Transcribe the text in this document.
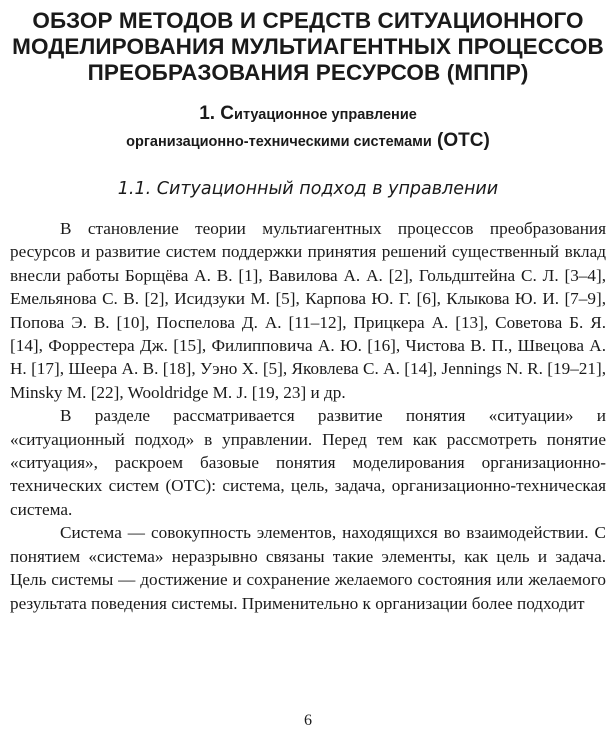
ОБЗОР МЕТОДОВ И СРЕДСТВ СИТУАЦИОННОГО
МОДЕЛИРОВАНИЯ МУЛЬТИАГЕНТНЫХ ПРОЦЕССОВ
ПРЕОБРАЗОВАНИЯ РЕСУРСОВ (МППР)
1. Ситуационное управление
организационно-техническими системами (ОТС)
1.1. Ситуационный подход в управлении

В становление теории мультиагентных процессов преобразования ресурсов и развитие систем поддержки принятия решений существенный вклад внесли работы Борщёва А. В. [1], Вавилова А. А. [2], Гольдштейна С. Л. [3–4], Емельянова С. В. [2], Исидзуки М. [5], Карпова Ю. Г. [6], Клыкова Ю. И. [7–9], Попова Э. В. [10], Поспелова Д. А. [11–12], Прицкера А. [13], Советова Б. Я. [14], Форрестера Дж. [15], Филипповича А. Ю. [16], Чистова В. П., Швецова А. Н. [17], Шеера А. В. [18], Уэно Х. [5], Яковлева С. А. [14], Jennings N. R. [19–21], Minsky M. [22], Wooldridge M. J. [19, 23] и др.

В разделе рассматривается развитие понятия «ситуации» и «ситуационный подход» в управлении. Перед тем как рассмотреть понятие «ситуация», раскроем базовые понятия моделирования организационно-технических систем (ОТС): система, цель, задача, организационно-техническая система.

Система — совокупность элементов, находящихся во взаимодействии. С понятием «система» неразрывно связаны такие элементы, как цель и задача. Цель системы — достижение и сохранение желаемого состояния или желаемого результата поведения системы. Применительно к организации более подходит

6
